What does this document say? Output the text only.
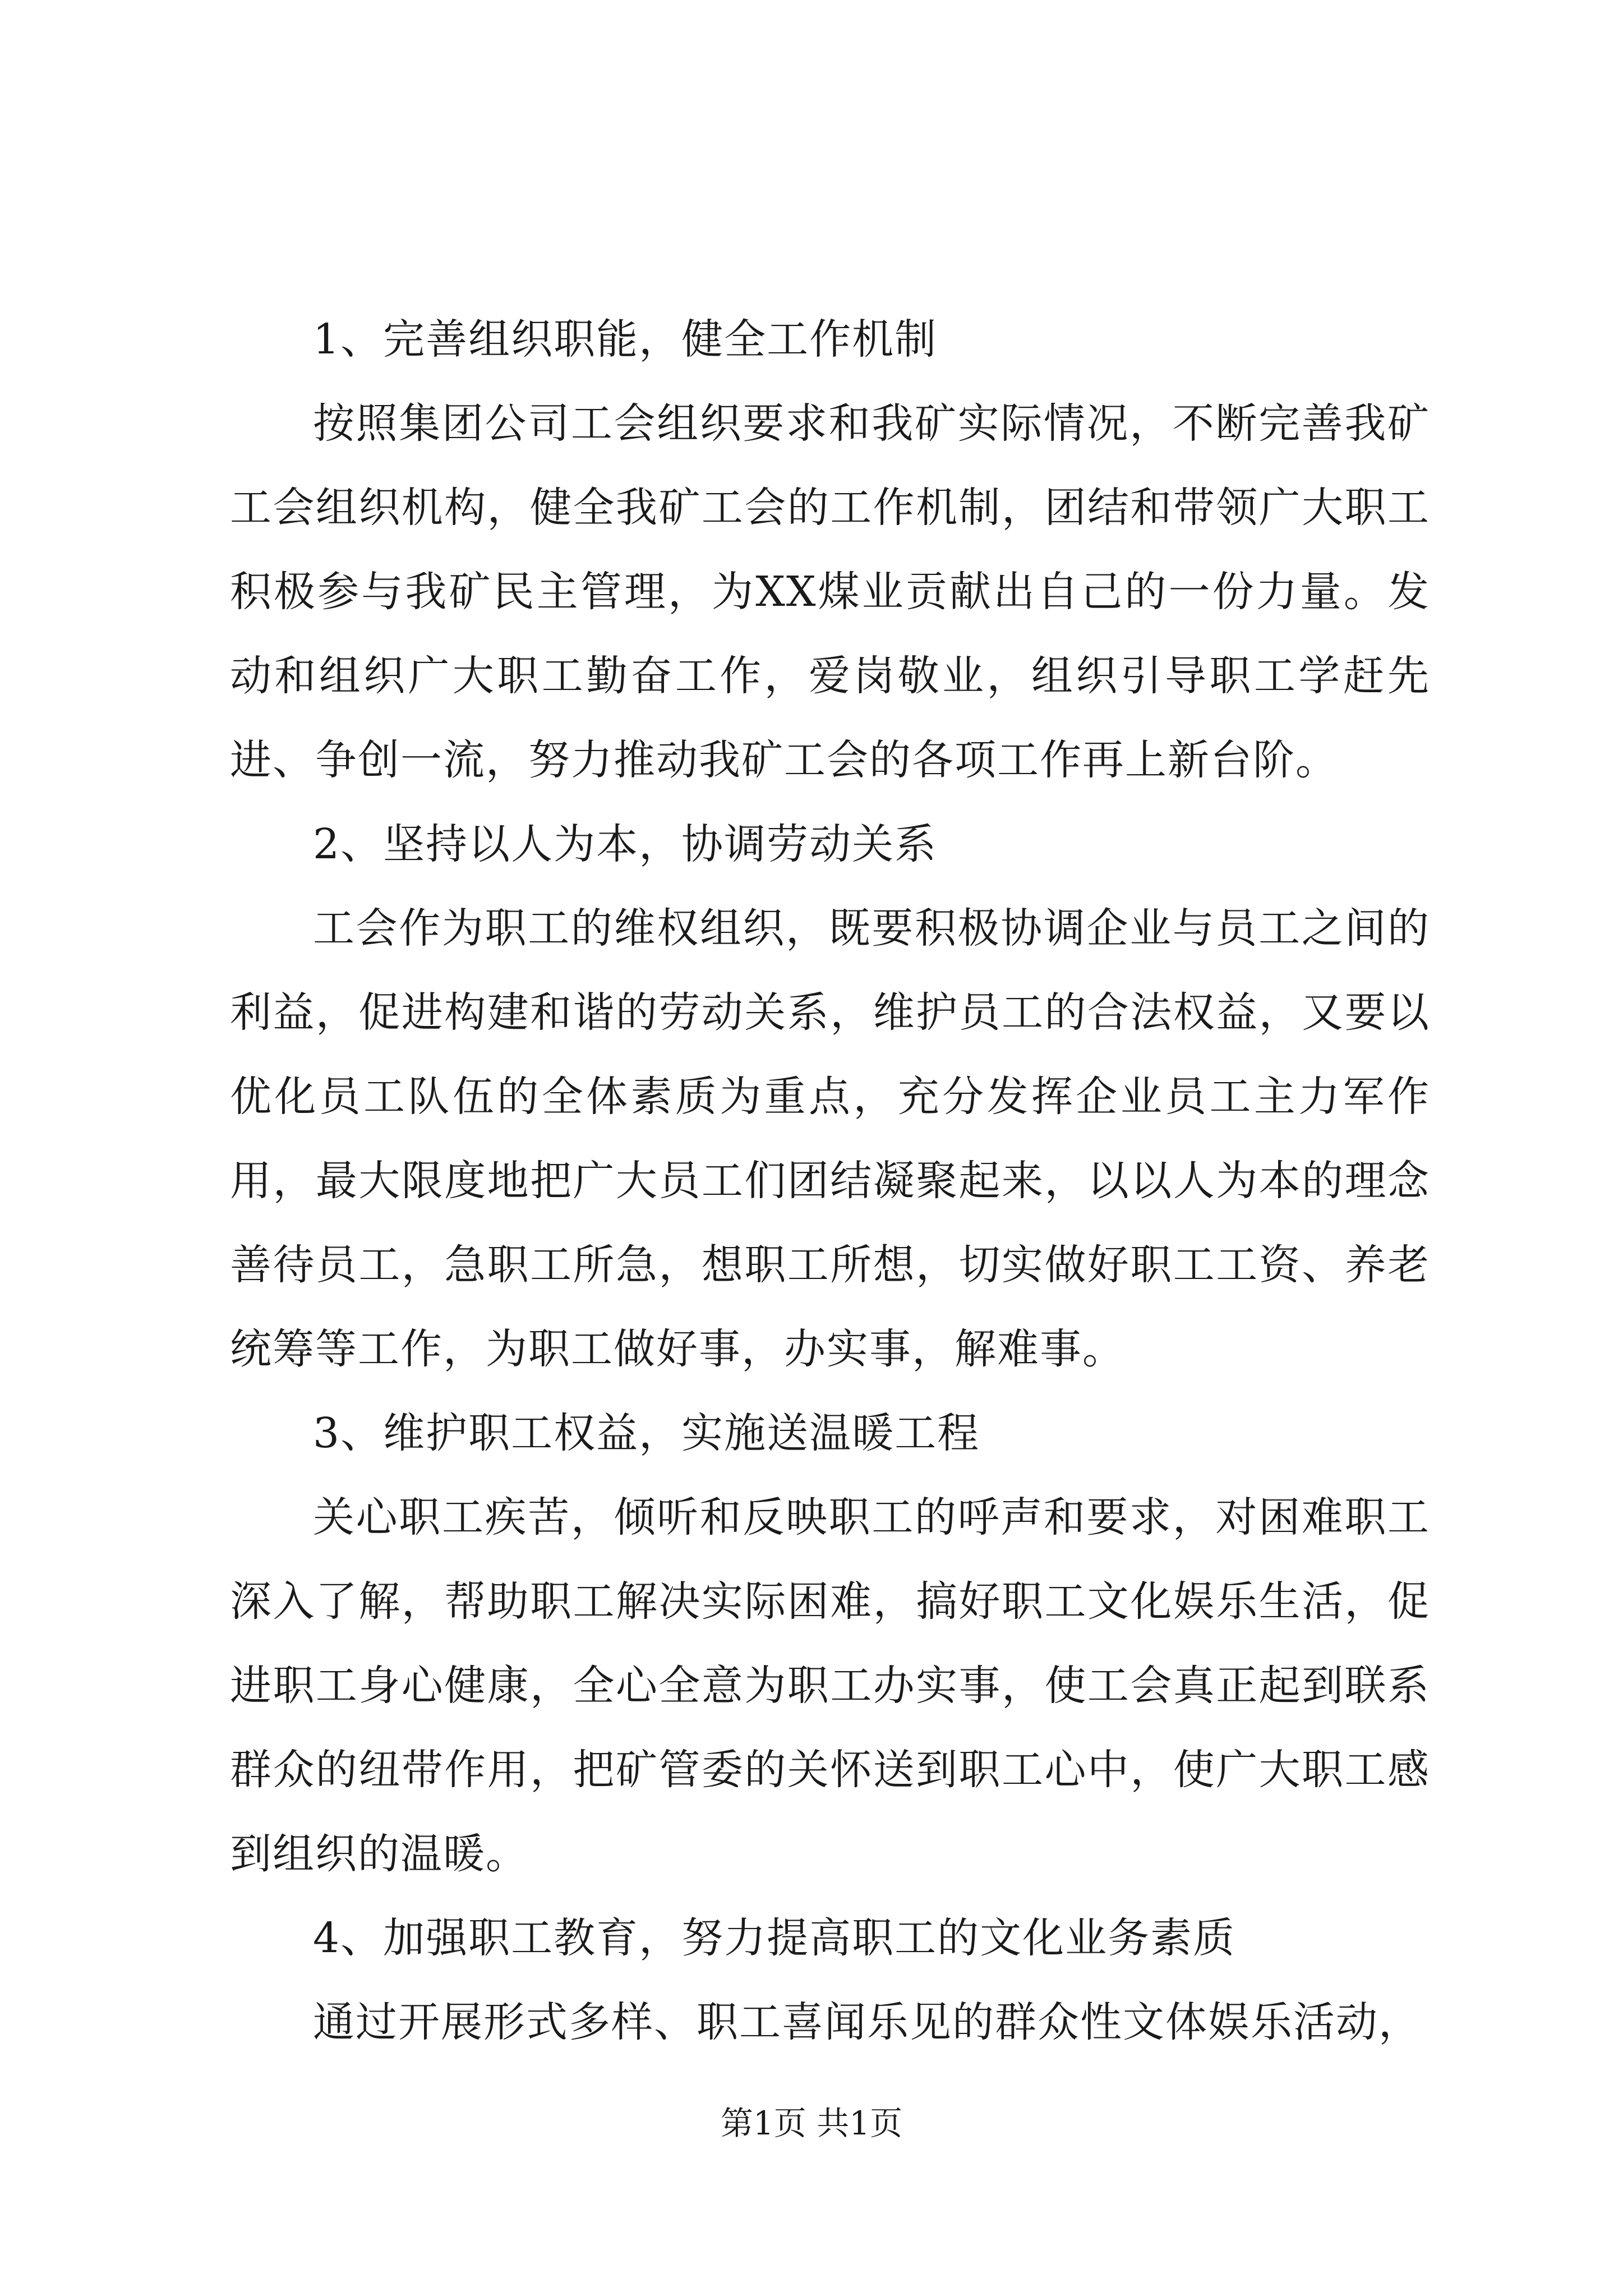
1、完善组织职能，健全工作机制

按照集团公司工会组织要求和我矿实际情况，不断完善我矿工会组织机构，健全我矿工会的工作机制，团结和带领广大职工积极参与我矿民主管理，为XX煤业贡献出自己的一份力量。发动和组织广大职工勤奋工作，爱岗敬业，组织引导职工学赶先进、争创一流，努力推动我矿工会的各项工作再上新台阶。

2、坚持以人为本，协调劳动关系

工会作为职工的维权组织，既要积极协调企业与员工之间的利益，促进构建和谐的劳动关系，维护员工的合法权益，又要以优化员工队伍的全体素质为重点，充分发挥企业员工主力军作用，最大限度地把广大员工们团结凝聚起来，以以人为本的理念善待员工，急职工所急，想职工所想，切实做好职工工资、养老统筹等工作，为职工做好事，办实事，解难事。

3、维护职工权益，实施送温暖工程

关心职工疾苦，倾听和反映职工的呼声和要求，对困难职工深入了解，帮助职工解决实际困难，搞好职工文化娱乐生活，促进职工身心健康，全心全意为职工办实事，使工会真正起到联系群众的纽带作用，把矿管委的关怀送到职工心中，使广大职工感到组织的温暖。

4、加强职工教育，努力提高职工的文化业务素质

通过开展形式多样、职工喜闻乐见的群众性文体娱乐活动，

第1页 共1页
